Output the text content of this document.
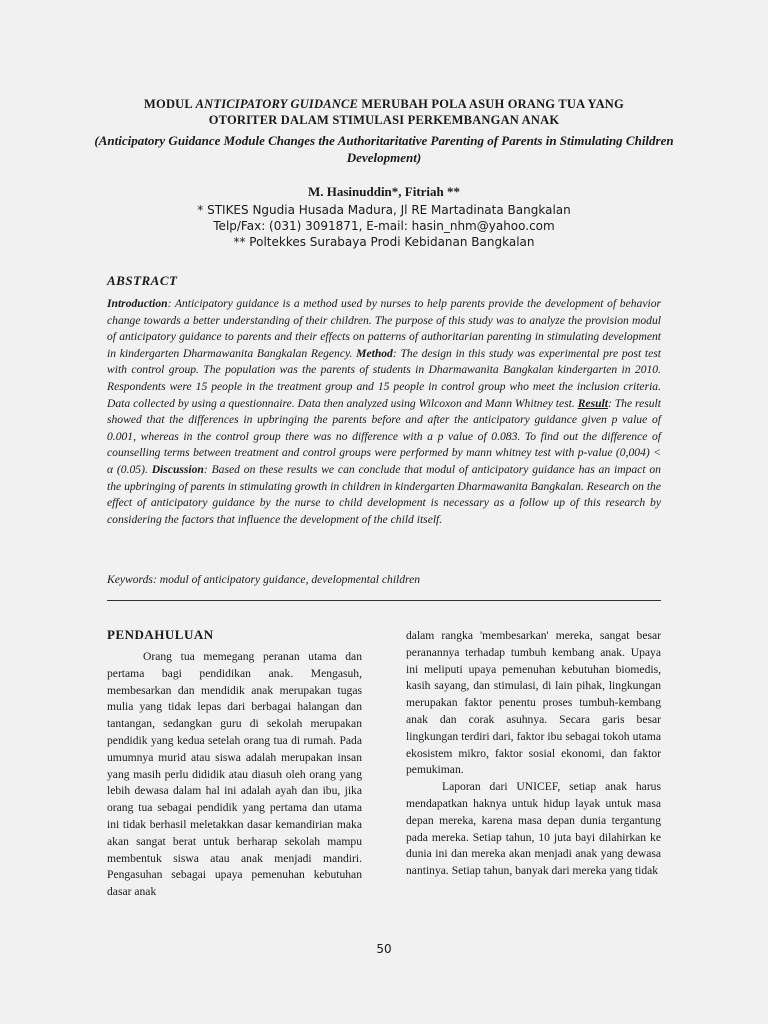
MODUL ANTICIPATORY GUIDANCE MERUBAH POLA ASUH ORANG TUA YANG
OTORITER DALAM STIMULASI PERKEMBANGAN ANAK
(Anticipatory Guidance Module Changes the Authoritaritative Parenting of Parents in Stimulating Children Development)
M. Hasinuddin*, Fitriah **
* STIKES Ngudia Husada Madura, Jl RE Martadinata Bangkalan
Telp/Fax: (031) 3091871, E-mail: hasin_nhm@yahoo.com
** Poltekkes Surabaya Prodi Kebidanan Bangkalan
ABSTRACT

Introduction: Anticipatory guidance is a method used by nurses to help parents provide the development of behavior change towards a better understanding of their children. The purpose of this study was to analyze the provision modul of anticipatory guidance to parents and their effects on patterns of authoritarian parenting in stimulating development in kindergarten Dharmawanita Bangkalan Regency. Method: The design in this study was experimental pre post test with control group. The population was the parents of students in Dharmawanita Bangkalan kindergarten in 2010. Respondents were 15 people in the treatment group and 15 people in control group who meet the inclusion criteria. Data collected by using a questionnaire. Data then analyzed using Wilcoxon and Mann Whitney test. Result: The result showed that the differences in upbringing the parents before and after the anticipatory guidance given p value of 0.001, whereas in the control group there was no difference with a p value of 0.083. To find out the difference of counselling terms between treatment and control groups were performed by mann whitney test with p-value (0,004) < α (0.05). Discussion: Based on these results we can conclude that modul of anticipatory guidance has an impact on the upbringing of parents in stimulating growth in children in kindergarten Dharmawanita Bangkalan. Research on the effect of anticipatory guidance by the nurse to child development is necessary as a follow up of this research by considering the factors that influence the development of the child itself.

Keywords: modul of anticipatory guidance, developmental children
PENDAHULUAN

Orang tua memegang peranan utama dan pertama bagi pendidikan anak. Mengasuh, membesarkan dan mendidik anak merupakan tugas mulia yang tidak lepas dari berbagai halangan dan tantangan, sedangkan guru di sekolah merupakan pendidik yang kedua setelah orang tua di rumah. Pada umumnya murid atau siswa adalah merupakan insan yang masih perlu dididik atau diasuh oleh orang yang lebih dewasa dalam hal ini adalah ayah dan ibu, jika orang tua sebagai pendidik yang pertama dan utama ini tidak berhasil meletakkan dasar kemandirian maka akan sangat berat untuk berharap sekolah mampu membentuk siswa atau anak menjadi mandiri. Pengasuhan sebagai upaya pemenuhan kebutuhan dasar anak

dalam rangka 'membesarkan' mereka, sangat besar peranannya terhadap tumbuh kembang anak. Upaya ini meliputi upaya pemenuhan kebutuhan biomedis, kasih sayang, dan stimulasi, di lain pihak, lingkungan merupakan faktor penentu proses tumbuh-kembang anak dan corak asuhnya. Secara garis besar lingkungan terdiri dari, faktor ibu sebagai tokoh utama ekosistem mikro, faktor sosial ekonomi, dan faktor pemukiman.

Laporan dari UNICEF, setiap anak harus mendapatkan haknya untuk hidup layak untuk masa depan mereka, karena masa depan dunia tergantung pada mereka. Setiap tahun, 10 juta bayi dilahirkan ke dunia ini dan mereka akan menjadi anak yang dewasa nantinya. Setiap tahun, banyak dari mereka yang tidak

50
